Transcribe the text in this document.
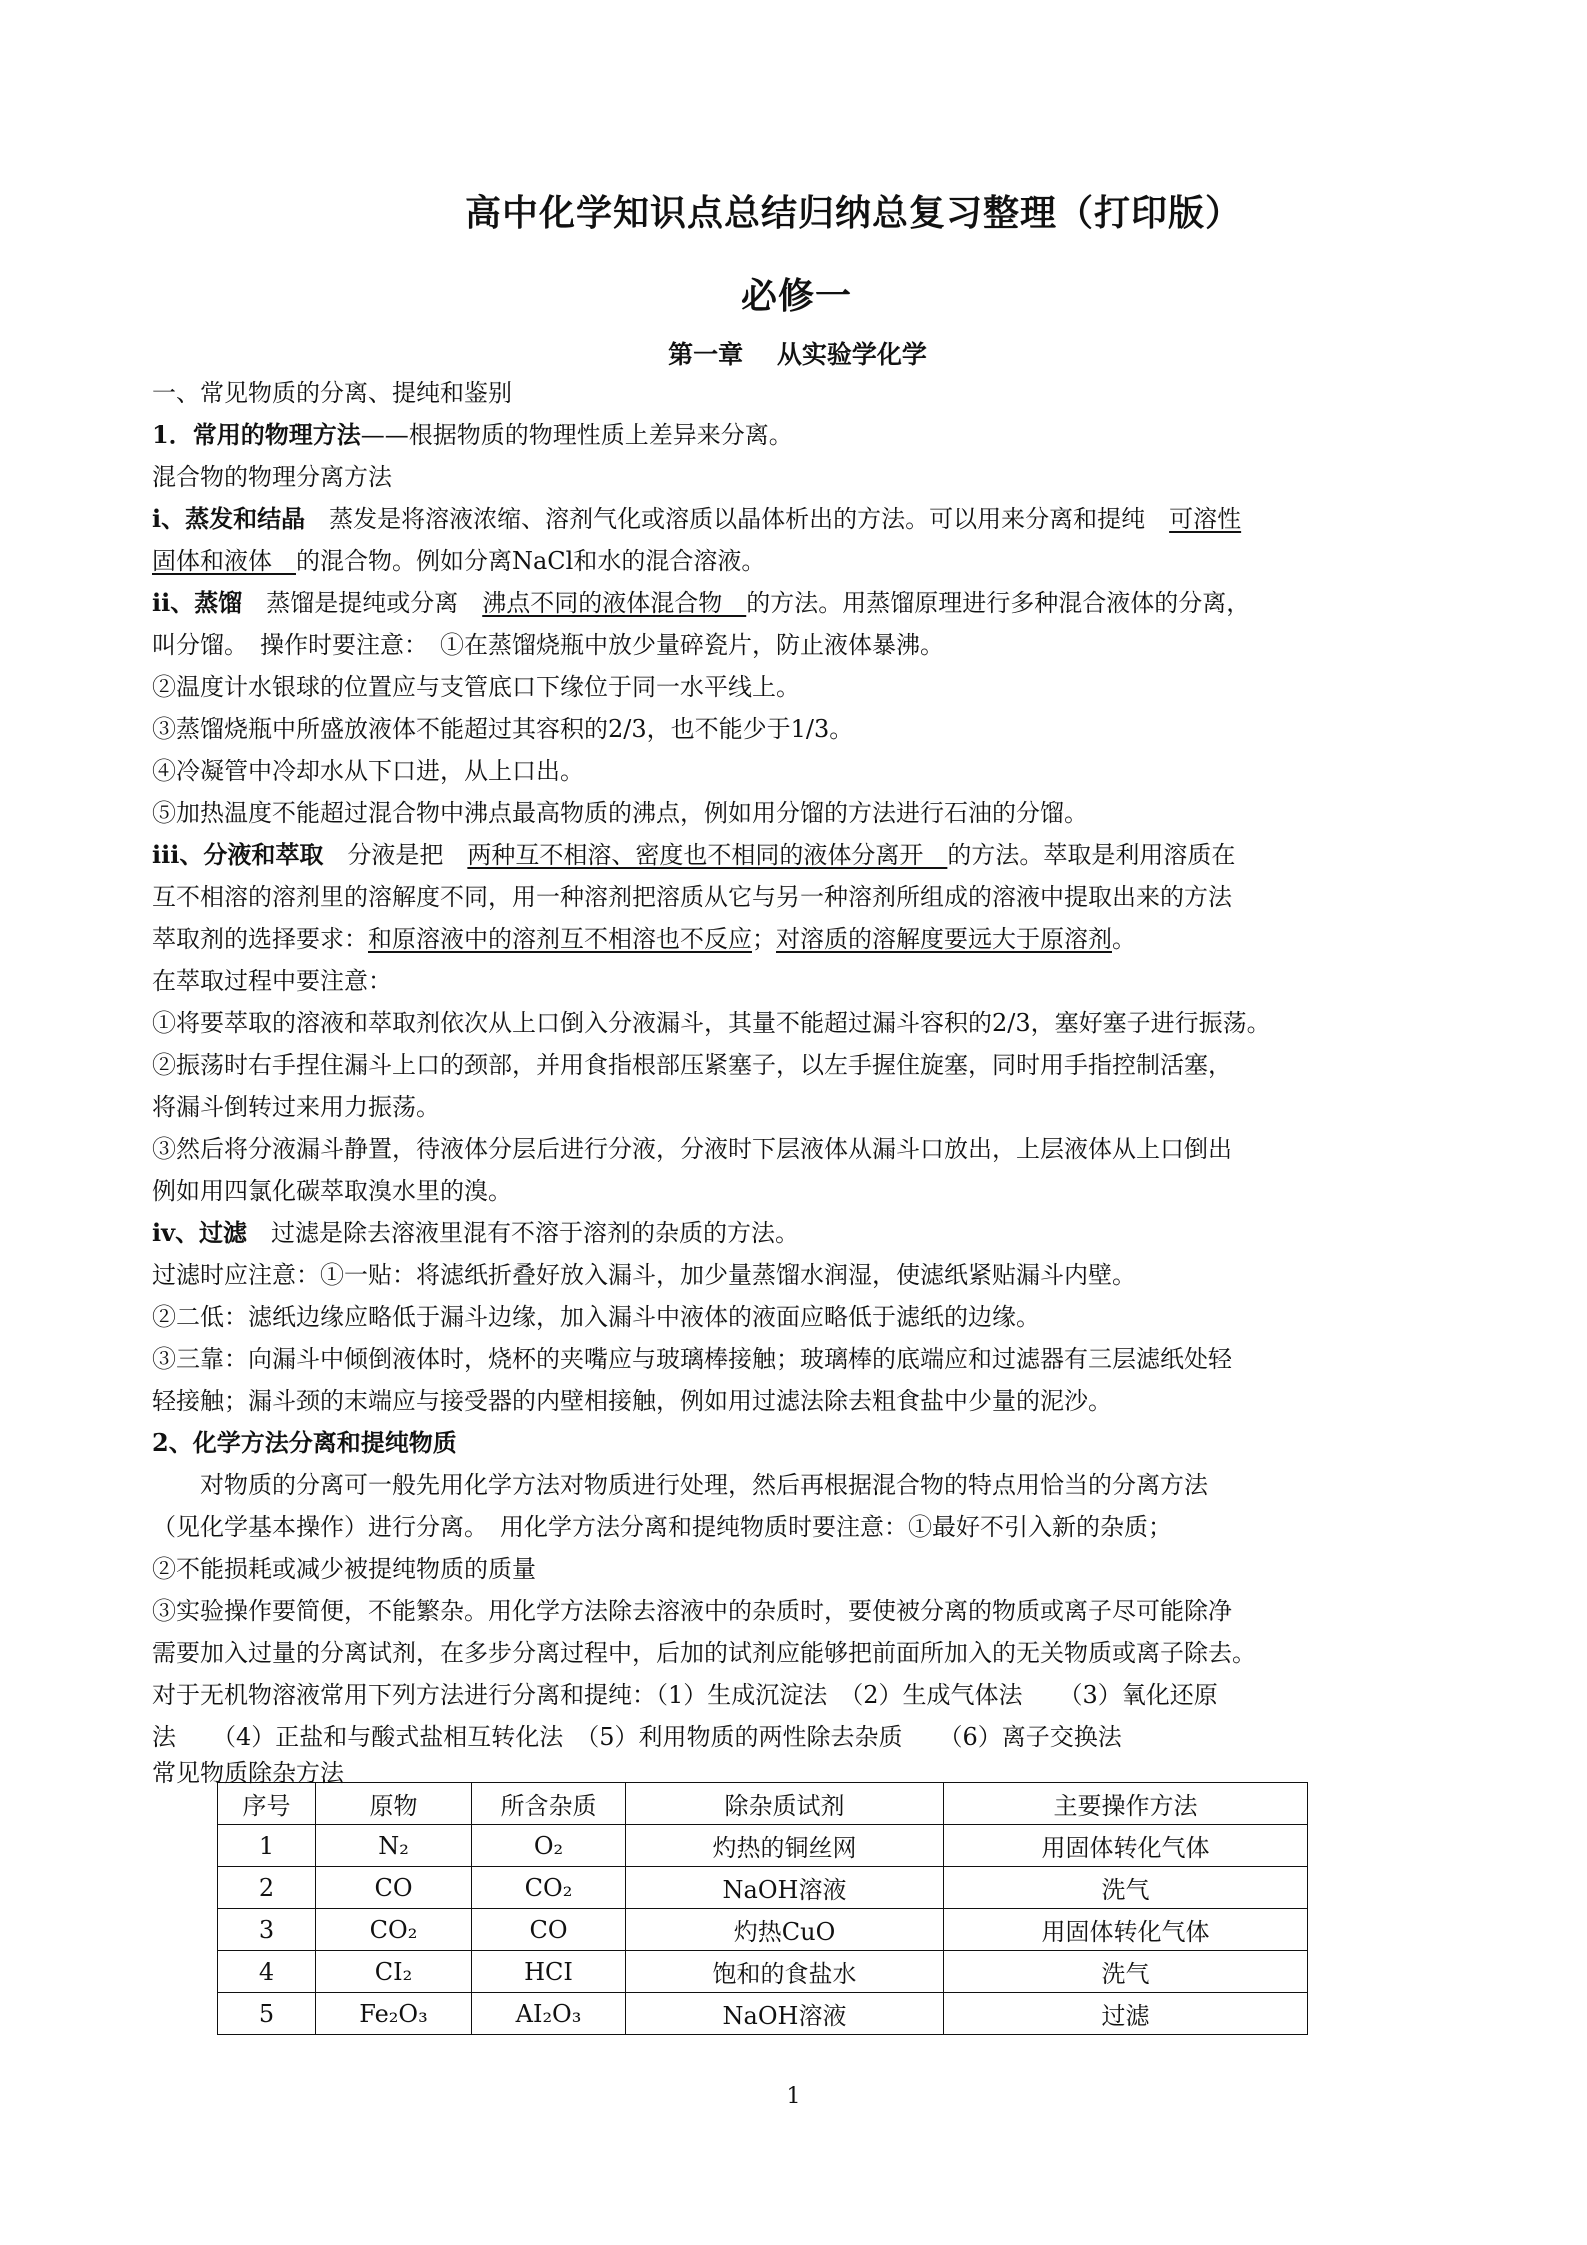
高中化学知识点总结归纳总复习整理（打印版）
必修一
第一章　 从实验学化学
一、常见物质的分离、提纯和鉴别
1．常用的物理方法——根据物质的物理性质上差异来分离。
混合物的物理分离方法
i、蒸发和结晶　蒸发是将溶液浓缩、溶剂气化或溶质以晶体析出的方法。可以用来分离和提纯　可溶性
固体和液体　的混合物。例如分离NaCl和水的混合溶液。
ii、蒸馏　蒸馏是提纯或分离　沸点不同的液体混合物　的方法。用蒸馏原理进行多种混合液体的分离，
叫分馏。　操作时要注意：　①在蒸馏烧瓶中放少量碎瓷片，防止液体暴沸。
②温度计水银球的位置应与支管底口下缘位于同一水平线上。
③蒸馏烧瓶中所盛放液体不能超过其容积的2/3，也不能少于1/3。
④冷凝管中冷却水从下口进，从上口出。
⑤加热温度不能超过混合物中沸点最高物质的沸点，例如用分馏的方法进行石油的分馏。
iii、分液和萃取　分液是把　两种互不相溶、密度也不相同的液体分离开　的方法。萃取是利用溶质在
互不相溶的溶剂里的溶解度不同，用一种溶剂把溶质从它与另一种溶剂所组成的溶液中提取出来的方法
萃取剂的选择要求：和原溶液中的溶剂互不相溶也不反应；对溶质的溶解度要远大于原溶剂。
在萃取过程中要注意：
①将要萃取的溶液和萃取剂依次从上口倒入分液漏斗，其量不能超过漏斗容积的2/3，塞好塞子进行振荡。
②振荡时右手捏住漏斗上口的颈部，并用食指根部压紧塞子，以左手握住旋塞，同时用手指控制活塞，
将漏斗倒转过来用力振荡。
③然后将分液漏斗静置，待液体分层后进行分液，分液时下层液体从漏斗口放出，上层液体从上口倒出
例如用四氯化碳萃取溴水里的溴。
iv、过滤　过滤是除去溶液里混有不溶于溶剂的杂质的方法。
过滤时应注意：①一贴：将滤纸折叠好放入漏斗，加少量蒸馏水润湿，使滤纸紧贴漏斗内壁。
②二低：滤纸边缘应略低于漏斗边缘，加入漏斗中液体的液面应略低于滤纸的边缘。
③三靠：向漏斗中倾倒液体时，烧杯的夹嘴应与玻璃棒接触；玻璃棒的底端应和过滤器有三层滤纸处轻
轻接触；漏斗颈的末端应与接受器的内壁相接触，例如用过滤法除去粗食盐中少量的泥沙。
2、化学方法分离和提纯物质
对物质的分离可一般先用化学方法对物质进行处理，然后再根据混合物的特点用恰当的分离方法
（见化学基本操作）进行分离。　用化学方法分离和提纯物质时要注意：①最好不引入新的杂质；
②不能损耗或减少被提纯物质的质量
③实验操作要简便，不能繁杂。用化学方法除去溶液中的杂质时，要使被分离的物质或离子尽可能除净
需要加入过量的分离试剂，在多步分离过程中，后加的试剂应能够把前面所加入的无关物质或离子除去。
对于无机物溶液常用下列方法进行分离和提纯：（1）生成沉淀法　（2）生成气体法　　（3）氧化还原
法　　（4）正盐和与酸式盐相互转化法　（5）利用物质的两性除去杂质　　（6）离子交换法
常见物质除杂方法
序号	原物	所含杂质	除杂质试剂	主要操作方法
1	N₂	O₂	灼热的铜丝网	用固体转化气体
2	CO	CO₂	NaOH溶液	洗气
3	CO₂	CO	灼热CuO	用固体转化气体
4	CI₂	HCI	饱和的食盐水	洗气
5	Fe₂O₃	AI₂O₃	NaOH溶液	过滤
1
